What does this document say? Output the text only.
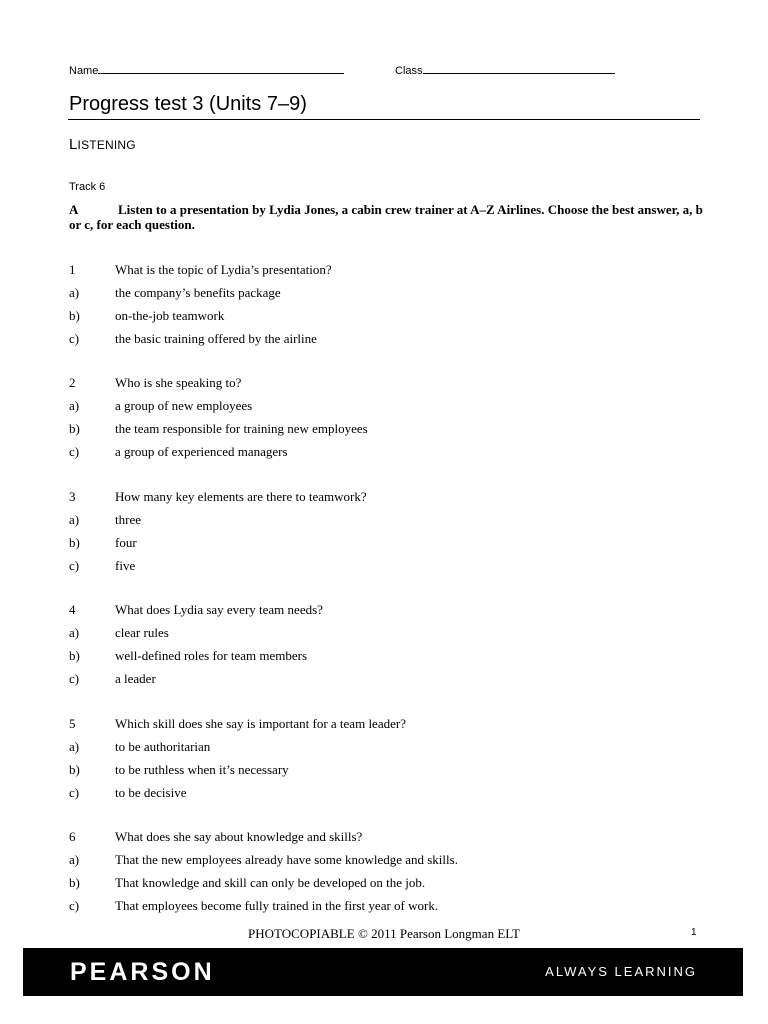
Name	Class
Progress test 3 (Units 7–9)
LISTENING
Track 6
A	Listen to a presentation by Lydia Jones, a cabin crew trainer at A–Z Airlines. Choose the best answer, a, b or c, for each question.
1	What is the topic of Lydia’s presentation?
a)	the company’s benefits package
b)	on-the-job teamwork
c)	the basic training offered by the airline
2	Who is she speaking to?
a)	a group of new employees
b)	the team responsible for training new employees
c)	a group of experienced managers
3	How many key elements are there to teamwork?
a)	three
b)	four
c)	five
4	What does Lydia say every team needs?
a)	clear rules
b)	well-defined roles for team members
c)	a leader
5	Which skill does she say is important for a team leader?
a)	to be authoritarian
b)	to be ruthless when it’s necessary
c)	to be decisive
6	What does she say about knowledge and skills?
a)	That the new employees already have some knowledge and skills.
b)	That knowledge and skill can only be developed on the job.
c)	That employees become fully trained in the first year of work.
PHOTOCOPIABLE © 2011 Pearson Longman ELT	1
PEARSON	ALWAYS LEARNING
